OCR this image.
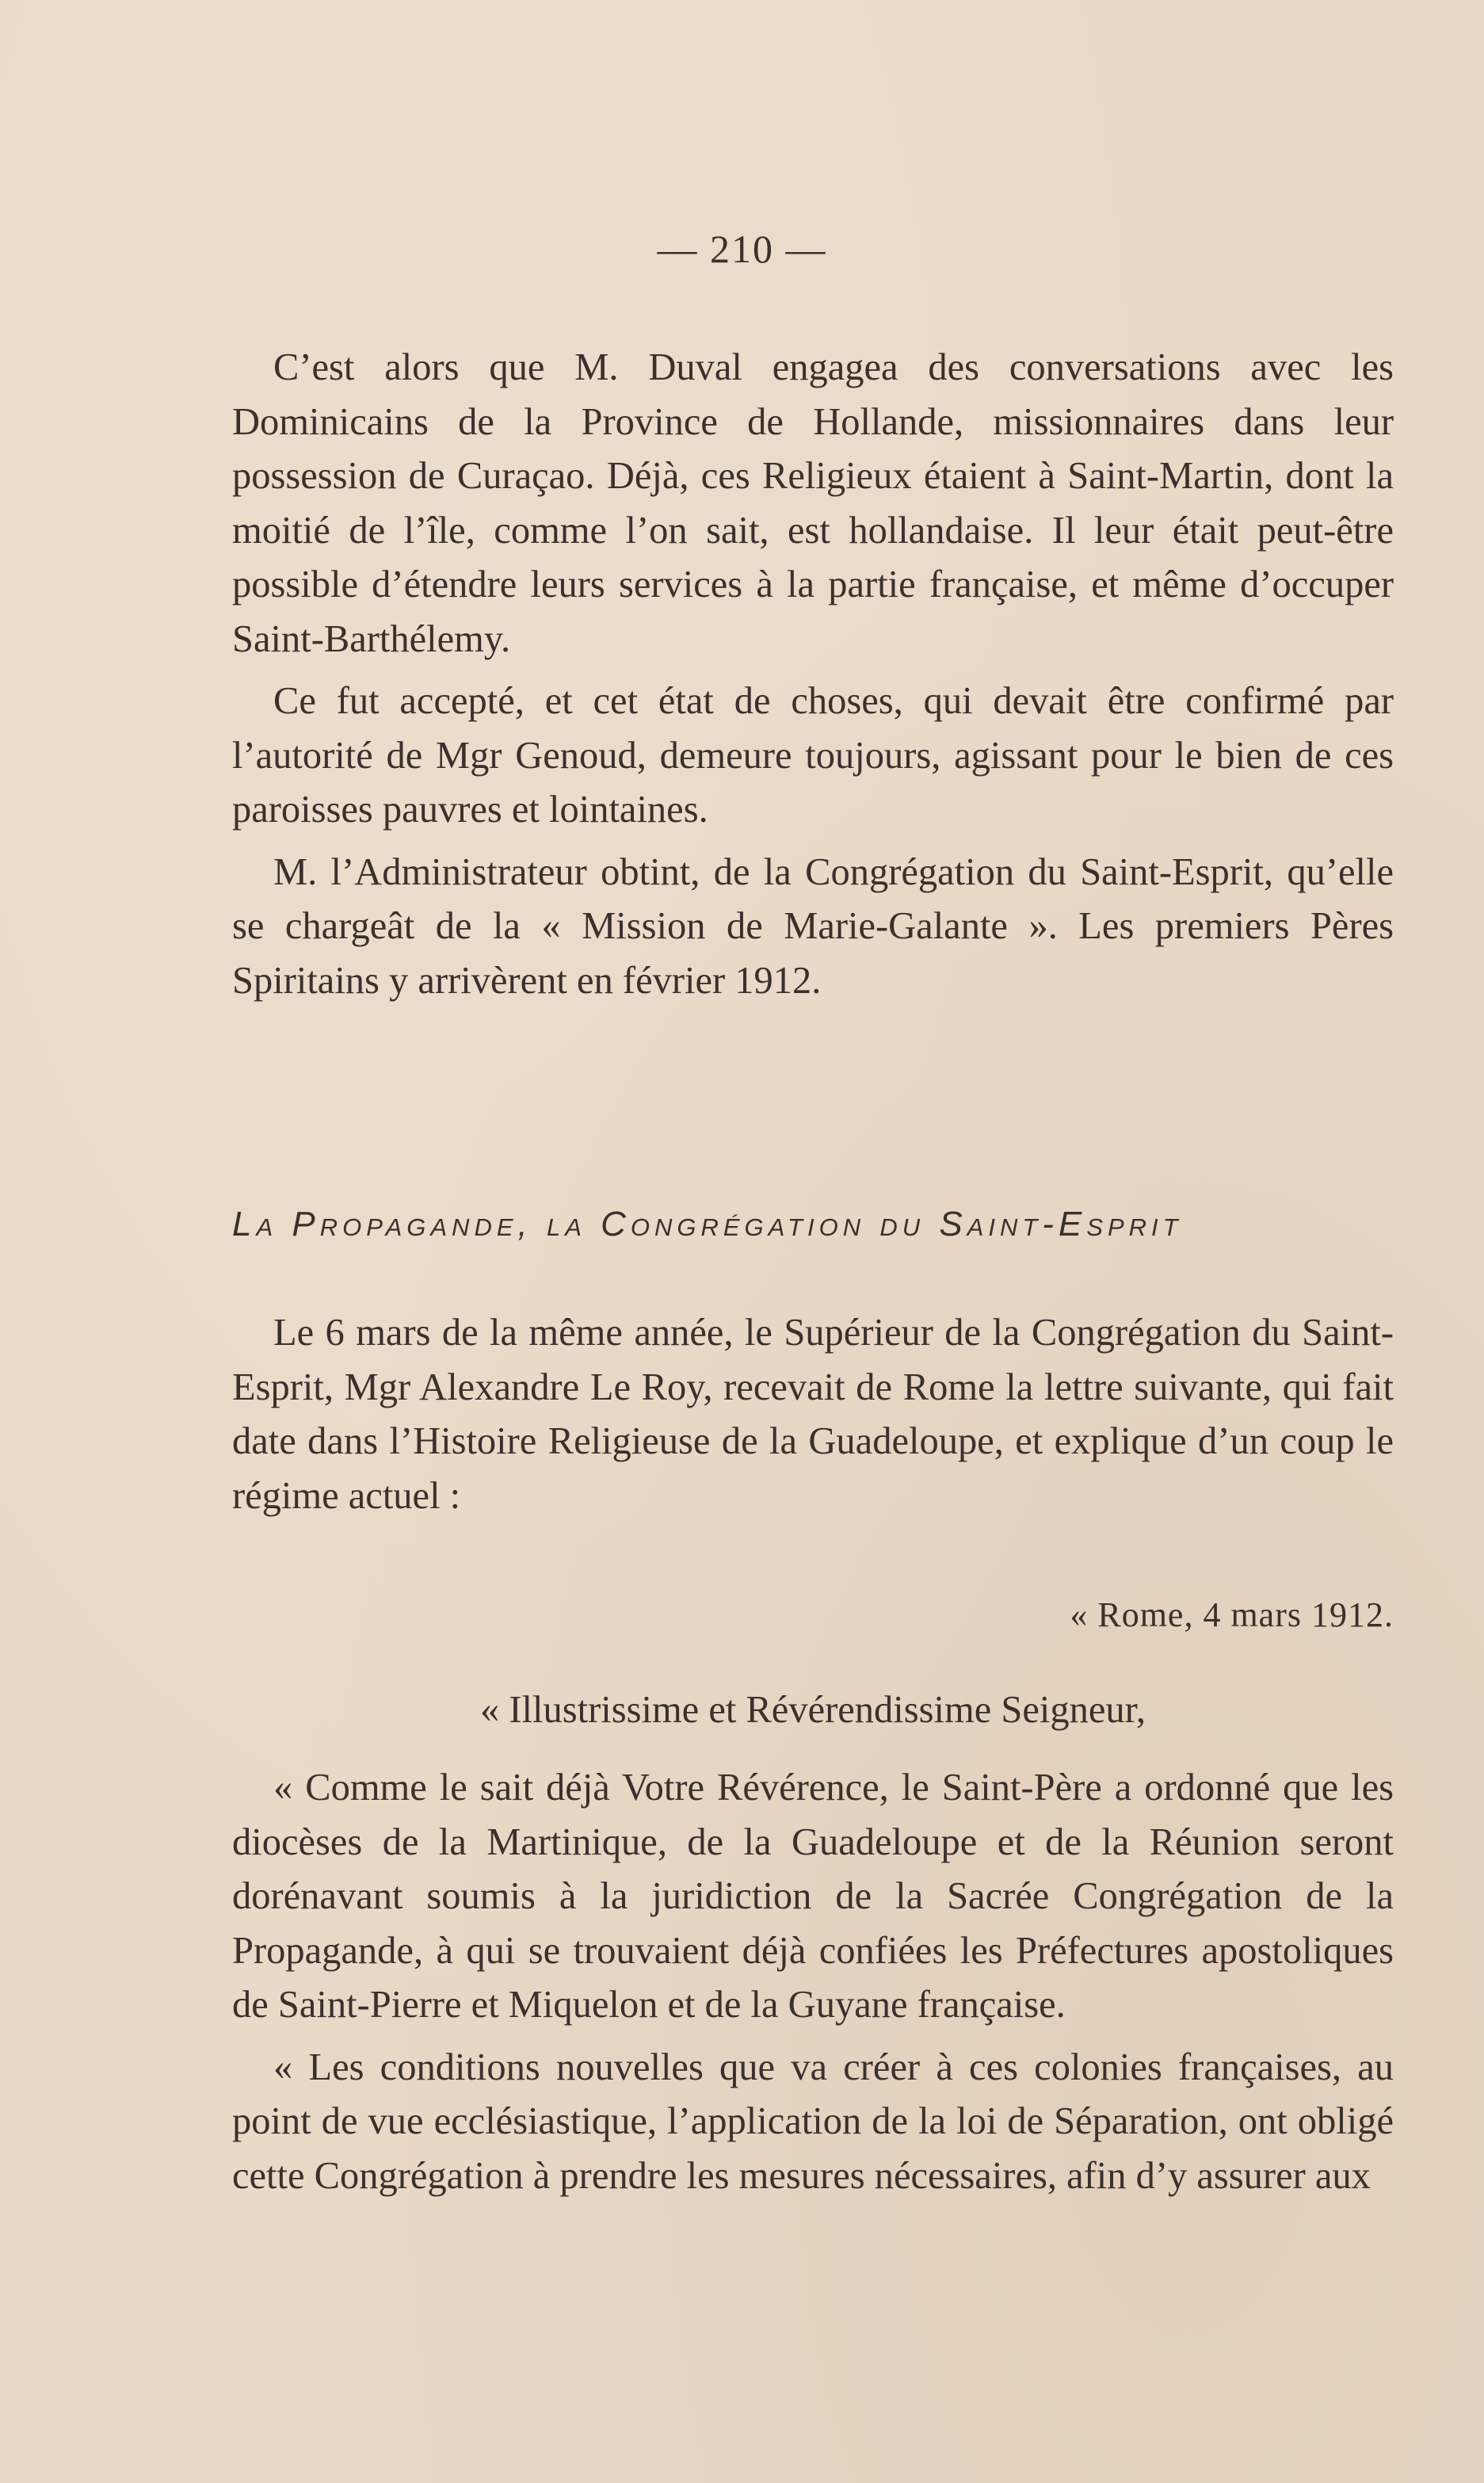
— 210 —

C’est alors que M. Duval engagea des conversations avec les Dominicains de la Province de Hollande, missionnaires dans leur possession de Curaçao. Déjà, ces Religieux étaient à Saint-Martin, dont la moitié de l’île, comme l’on sait, est hollandaise. Il leur était peut-être possible d’étendre leurs services à la partie française, et même d’occuper Saint-Barthélemy.

Ce fut accepté, et cet état de choses, qui devait être confirmé par l’autorité de Mgr Genoud, demeure toujours, agissant pour le bien de ces paroisses pauvres et lointaines.

M. l’Administrateur obtint, de la Congrégation du Saint-Esprit, qu’elle se chargeât de la « Mission de Marie-Galante ». Les premiers Pères Spiritains y arrivèrent en février 1912.

La Propagande, la Congrégation du Saint-Esprit

Le 6 mars de la même année, le Supérieur de la Congrégation du Saint-Esprit, Mgr Alexandre Le Roy, recevait de Rome la lettre suivante, qui fait date dans l’Histoire Religieuse de la Guadeloupe, et explique d’un coup le régime actuel :

« Rome, 4 mars 1912.
« Illustrissime et Révérendissime Seigneur,

« Comme le sait déjà Votre Révérence, le Saint-Père a ordonné que les diocèses de la Martinique, de la Guadeloupe et de la Réunion seront dorénavant soumis à la juridiction de la Sacrée Congrégation de la Propagande, à qui se trouvaient déjà confiées les Préfectures apostoliques de Saint-Pierre et Miquelon et de la Guyane française.

« Les conditions nouvelles que va créer à ces colonies françaises, au point de vue ecclésiastique, l’application de la loi de Séparation, ont obligé cette Congrégation à prendre les mesures nécessaires, afin d’y assurer aux
